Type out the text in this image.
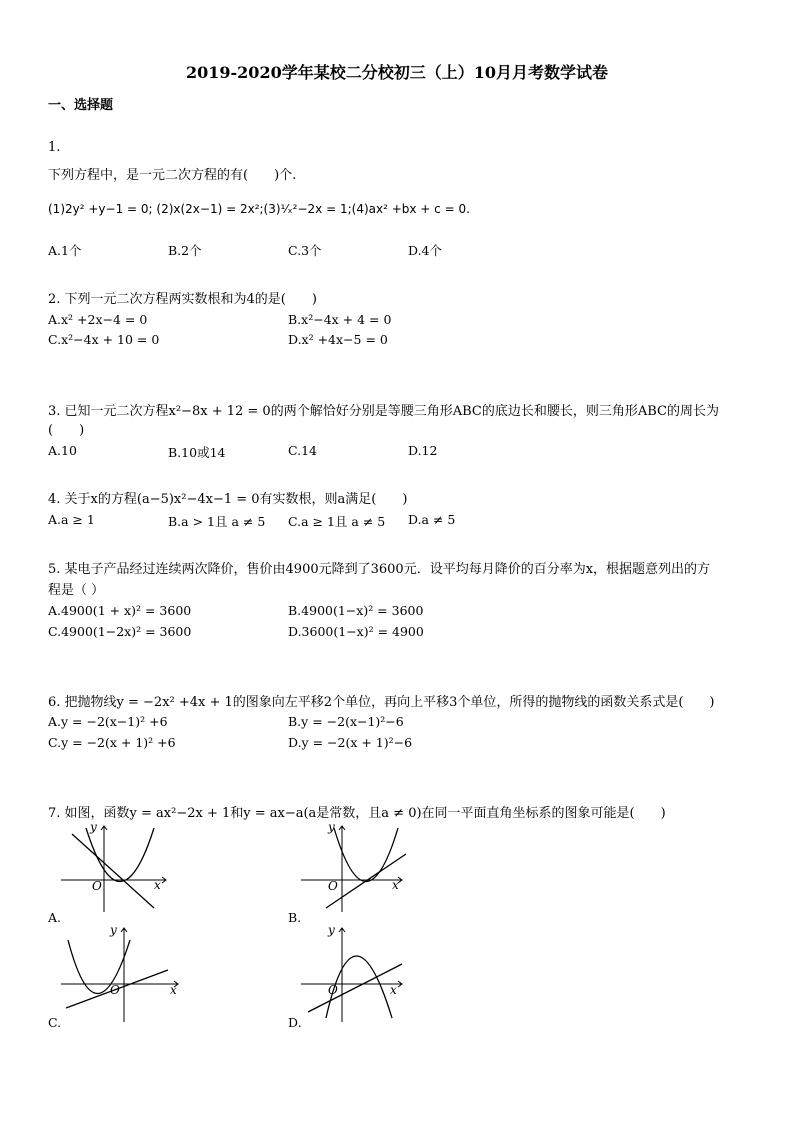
2019-2020学年某校二分校初三（上）10月月考数学试卷
一、选择题
1.
下列方程中，是一元二次方程的有(　　)个.
(1)2y² +y−1 = 0; (2)x(2x−1) = 2x²;(3)¹⁄ₓ²−2x = 1;(4)ax² +bx + c = 0.
A.1个	B.2个	C.3个	D.4个
2. 下列一元二次方程两实数根和为4的是(　　)
A.x² +2x−4 = 0	B.x²−4x + 4 = 0
C.x²−4x + 10 = 0	D.x² +4x−5 = 0
3. 已知一元二次方程x²−8x + 12 = 0的两个解恰好分别是等腰三角形ABC的底边长和腰长，则三角形ABC的周长为
(　　)
A.10	B.10或14	C.14	D.12
4. 关于x的方程(a−5)x²−4x−1 = 0有实数根，则a满足(　　)
A.a ≥ 1	B.a > 1且 a ≠ 5 C.a ≥ 1且 a ≠ 5 D.a ≠ 5
5. 某电子产品经过连续两次降价，售价由4900元降到了3600元．设平均每月降价的百分率为x，根据题意列出的方
程是（ ）
A.4900(1 + x)² = 3600	B.4900(1−x)² = 3600
C.4900(1−2x)² = 3600	D.3600(1−x)² = 4900
6. 把抛物线y = −2x² +4x + 1的图象向左平移2个单位，再向上平移3个单位，所得的抛物线的函数关系式是(　　)
A.y = −2(x−1)² +6	B.y = −2(x−1)²−6
C.y = −2(x + 1)² +6	D.y = −2(x + 1)²−6
7. 如图，函数y = ax²−2x + 1和y = ax−a(a是常数，且a ≠ 0)在同一平面直角坐标系的图象可能是(　　)
O	x
y
A.
O	x
y
B.
O	x
y
C.
O	x
y
D.
